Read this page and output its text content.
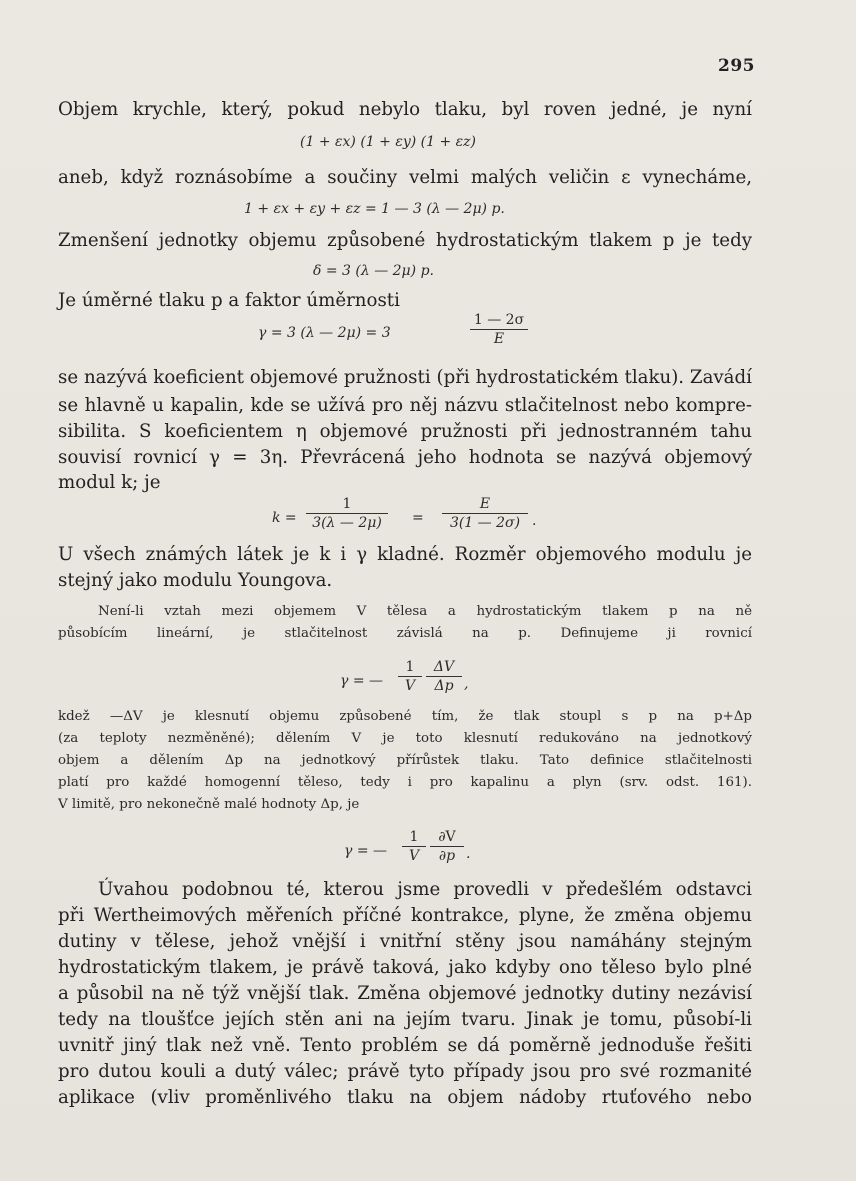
295
Objem krychle, který, pokud nebylo tlaku, byl roven jedné, je nyní
(1 + εx) (1 + εy) (1 + εz)
aneb, když roznásobíme a součiny velmi malých veličin ε vynecháme,
1 + εx + εy + εz = 1 — 3 (λ — 2μ) p.
Zmenšení jednotky objemu způsobené hydrostatickým tlakem p je tedy
δ = 3 (λ — 2μ) p.
Je úměrné tlaku p a faktor úměrnosti
γ = 3 (λ — 2μ) = 3
1 — 2σ
E
se nazývá koeficient objemové pružnosti (při hydrostatickém tlaku). Zavádí
se hlavně u kapalin, kde se užívá pro něj názvu stlačitelnost nebo kompre-
sibilita. S koeficientem η objemové pružnosti při jednostranném tahu
souvisí rovnicí γ = 3η. Převrácená jeho hodnota se nazývá objemový
modul k; je
k =
1
3(λ — 2μ)	=
E
3(1 — 2σ) .
U všech známých látek je k i γ kladné. Rozměr objemového modulu je
stejný jako modulu Youngova.
Není-li vztah mezi objemem V tělesa a hydrostatickým tlakem p na ně
působícím lineární, je stlačitelnost závislá na p. Definujeme ji rovnicí
γ = —
1
V
ΔV
Δp ,
kdež —ΔV je klesnutí objemu způsobené tím, že tlak stoupl s p na p+Δp
(za teploty nezměněné); dělením V je toto klesnutí redukováno na jednotkový
objem a dělením Δp na jednotkový přírůstek tlaku. Tato definice stlačitelnosti
platí pro každé homogenní těleso, tedy i pro kapalinu a plyn (srv. odst. 161).
V limitě, pro nekonečně malé hodnoty Δp, je
γ = —
1
V
∂V
∂p .
Úvahou podobnou té, kterou jsme provedli v předešlém odstavci
při Wertheimových měřeních příčné kontrakce, plyne, že změna objemu
dutiny v tělese, jehož vnější i vnitřní stěny jsou namáhány stejným
hydrostatickým tlakem, je právě taková, jako kdyby ono těleso bylo plné
a působil na ně týž vnější tlak. Změna objemové jednotky dutiny nezávisí
tedy na tloušťce jejích stěn ani na jejím tvaru. Jinak je tomu, působí-li
uvnitř jiný tlak než vně. Tento problém se dá poměrně jednoduše řešiti
pro dutou kouli a dutý válec; právě tyto případy jsou pro své rozmanité
aplikace (vliv proměnlivého tlaku na objem nádoby rtuťového nebo
